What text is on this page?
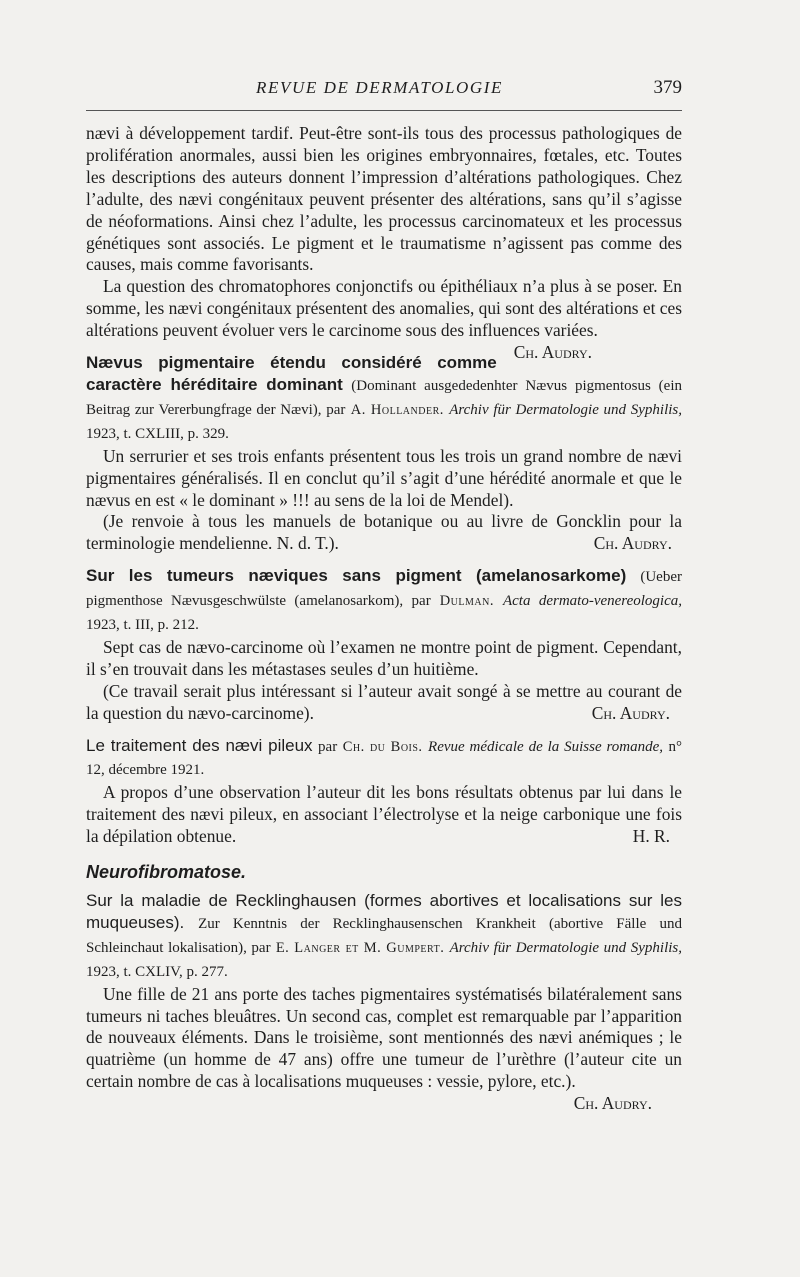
REVUE DE DERMATOLOGIE	379

nævi à développement tardif. Peut-être sont-ils tous des processus pathologiques de prolifération anormales, aussi bien les origines embryonnaires, fœtales, etc. Toutes les descriptions des auteurs donnent l’impression d’altérations pathologiques. Chez l’adulte, des nævi congénitaux peuvent présenter des altérations, sans qu’il s’agisse de néoformations. Ainsi chez l’adulte, les processus carcinomateux et les processus génétiques sont associés. Le pigment et le traumatisme n’agissent pas comme des causes, mais comme favorisants.

La question des chromatophores conjonctifs ou épithéliaux n’a plus à se poser. En somme, les nævi congénitaux présentent des anomalies, qui sont des altérations et ces altérations peuvent évoluer vers le carcinome sous des influences variées.
Ch. Audry.

Nævus pigmentaire étendu considéré comme caractère héréditaire dominant (Dominant ausgededenhter Nævus pigmentosus (ein Beitrag zur Vererbungfrage der Nævi), par A. Hollander. Archiv für Dermatologie und Syphilis, 1923, t. CXLIII, p. 329.

Un serrurier et ses trois enfants présentent tous les trois un grand nombre de nævi pigmentaires généralisés. Il en conclut qu’il s’agit d’une hérédité anormale et que le nævus en est « le dominant » !!! au sens de la loi de Mendel).

(Je renvoie à tous les manuels de botanique ou au livre de Goncklin pour la terminologie mendelienne. N. d. T.).	Ch. Audry.

Sur les tumeurs næviques sans pigment (amelanosarkome) (Ueber pigmenthose Nævusgeschwülste (amelanosarkom), par Dulman. Acta dermato-venereologica, 1923, t. III, p. 212.

Sept cas de nævo-carcinome où l’examen ne montre point de pigment. Cependant, il s’en trouvait dans les métastases seules d’un huitième.

(Ce travail serait plus intéressant si l’auteur avait songé à se mettre au courant de la question du nævo-carcinome).	Ch. Audry.

Le traitement des nævi pileux par Ch. du Bois. Revue médicale de la Suisse romande, n° 12, décembre 1921.

A propos d’une observation l’auteur dit les bons résultats obtenus par lui dans le traitement des nævi pileux, en associant l’électrolyse et la neige carbonique une fois la dépilation obtenue.	H. R.

Neurofibromatose.

Sur la maladie de Recklinghausen (formes abortives et localisations sur les muqueuses). Zur Kenntnis der Recklinghausenschen Krankheit (abortive Fälle und Schleinchaut lokalisation), par E. Langer et M. Gumpert. Archiv für Dermatologie und Syphilis, 1923, t. CXLIV, p. 277.

Une fille de 21 ans porte des taches pigmentaires systématisés bilatéralement sans tumeurs ni taches bleuâtres. Un second cas, complet est remarquable par l’apparition de nouveaux éléments. Dans le troisième, sont mentionnés des nævi anémiques ; le quatrième (un homme de 47 ans) offre une tumeur de l’urèthre (l’auteur cite un certain nombre de cas à localisations muqueuses : vessie, pylore, etc.).

Ch. Audry.
